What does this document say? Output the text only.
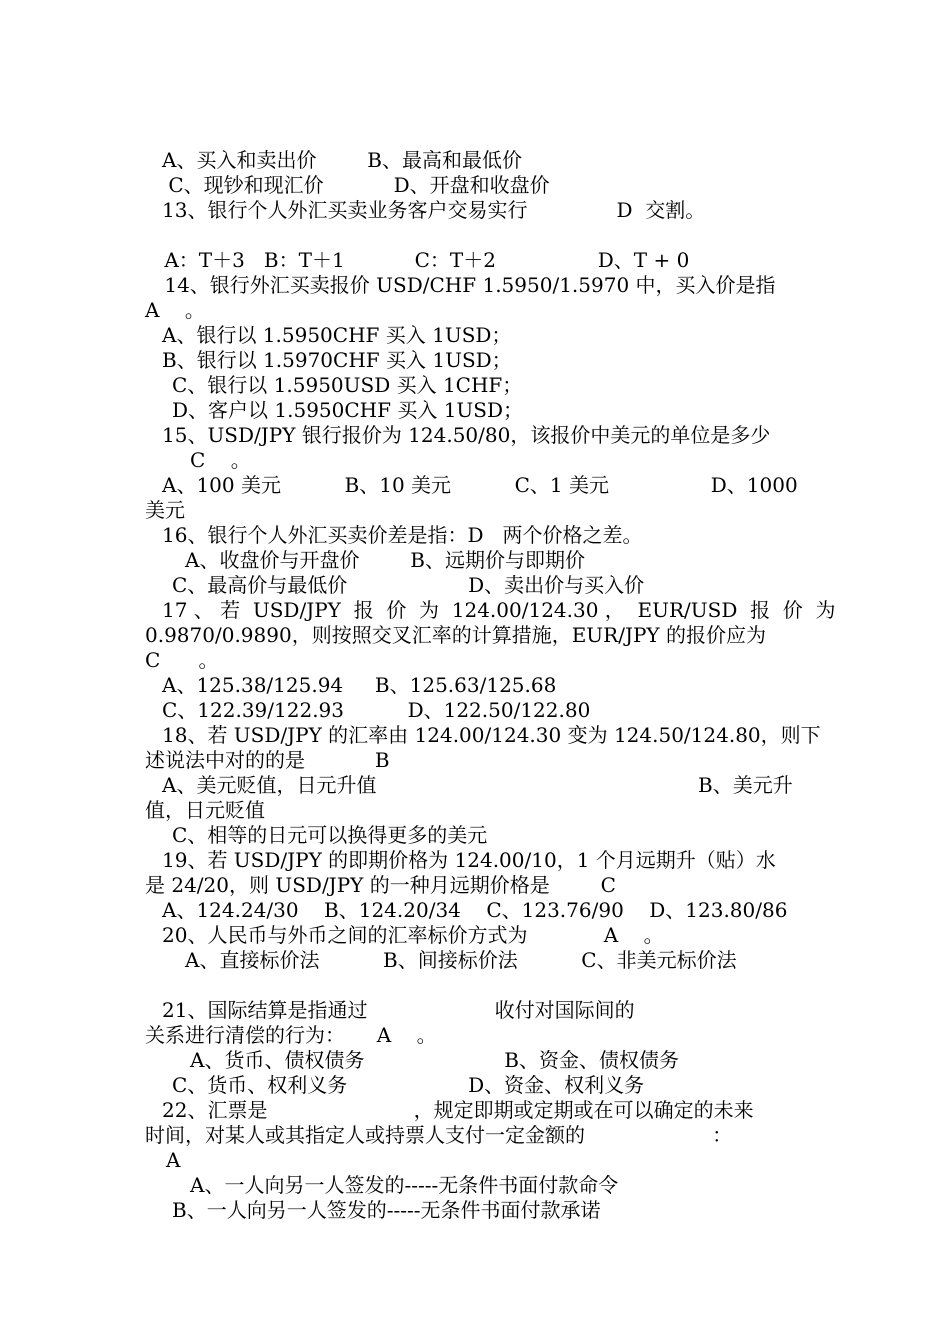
A、买入和卖出价        B、最高和最低价
C、现钞和现汇价           D、开盘和收盘价
13、银行个人外汇买卖业务客户交易实行              D  交割。
A：T＋3   B：T＋1           C：T＋2                D、T + 0
14、银行外汇买卖报价 USD/CHF 1.5950/1.5970 中，买入价是指
A    。
A、银行以 1.5950CHF 买入 1USD；
B、银行以 1.5970CHF 买入 1USD；
C、银行以 1.5950USD 买入 1CHF；
D、客户以 1.5950CHF 买入 1USD；
15、USD/JPY 银行报价为 124.50/80，该报价中美元的单位是多少
C    。
A、100 美元          B、10 美元          C、1 美元                D、1000
美元
16、银行个人外汇买卖价差是指：D   两个价格之差。
A、收盘价与开盘价        B、远期价与即期价
C、最高价与最低价                   D、卖出价与买入价
17 、 若  USD/JPY  报  价  为  124.00/124.30 ，  EUR/USD  报  价  为
0.9870/0.9890，则按照交叉汇率的计算措施，EUR/JPY 的报价应为
C      。
A、125.38/125.94     B、125.63/125.68
C、122.39/122.93          D、122.50/122.80
18、若 USD/JPY 的汇率由 124.00/124.30 变为 124.50/124.80，则下
述说法中对的的是           B
A、美元贬值，日元升值	B、美元升
值，日元贬值
C、相等的日元可以换得更多的美元
19、若 USD/JPY 的即期价格为 124.00/10，1 个月远期升（贴）水
是 24/20，则 USD/JPY 的一种月远期价格是        C
A、124.24/30    B、124.20/34    C、123.76/90    D、123.80/86
20、人民币与外币之间的汇率标价方式为            A    。
A、直接标价法          B、间接标价法          C、非美元标价法
21、国际结算是指通过                    收付对国际间的
关系进行清偿的行为：     A    。
A、货币、债权债务                      B、资金、债权债务
C、货币、权利义务                   D、资金、权利义务
22、汇票是                       ，规定即期或定期或在可以确定的未来
时间，对某人或其指定人或持票人支付一定金额的                    ：
A
A、一人向另一人签发的-----无条件书面付款命令
B、一人向另一人签发的-----无条件书面付款承诺
